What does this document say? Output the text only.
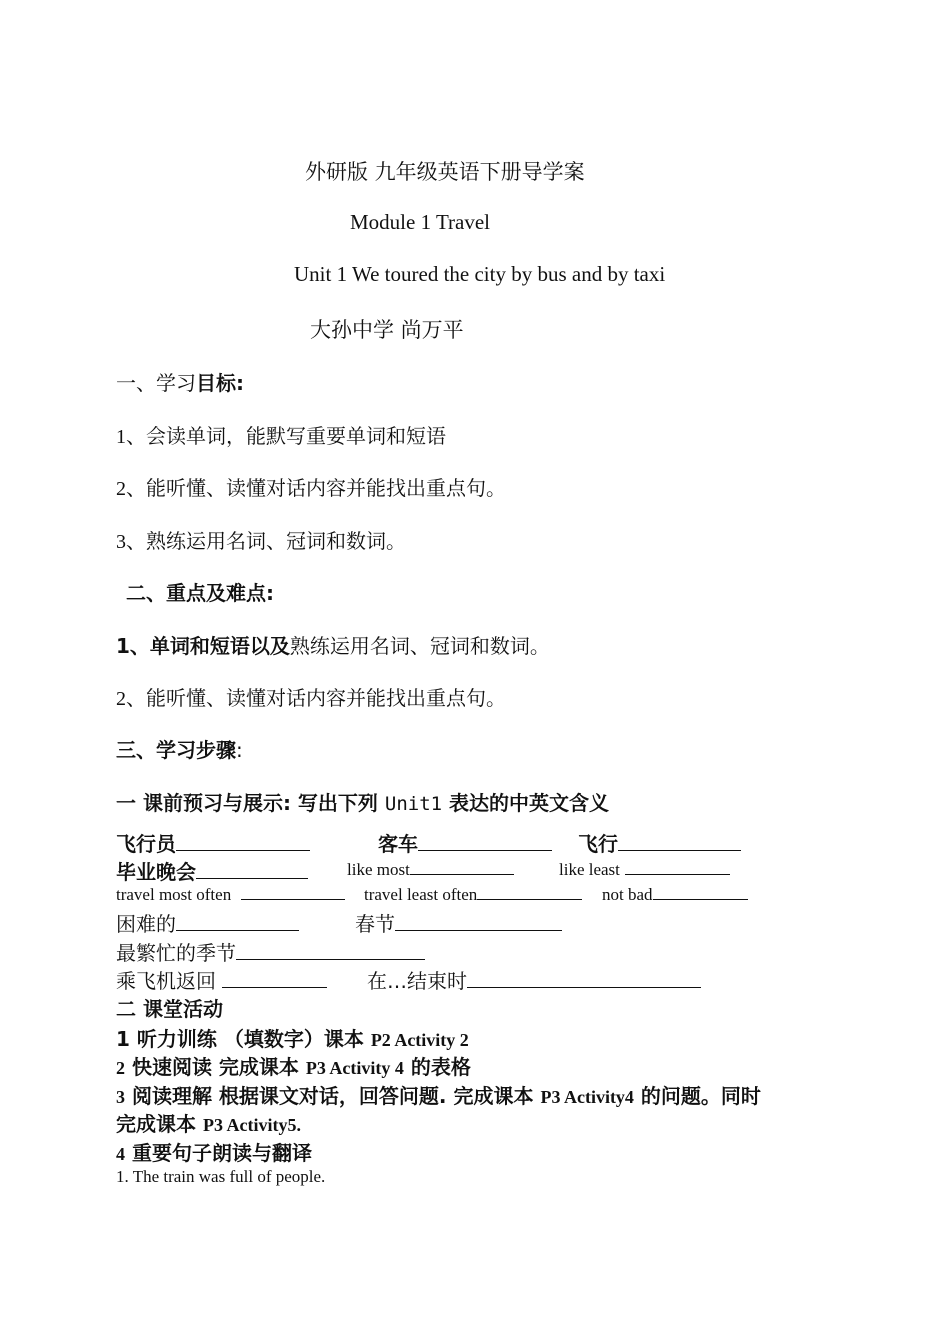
外研版 九年级英语下册导学案
Module 1 Travel
Unit 1 We toured the city by bus and by taxi
大孙中学 尚万平
一、学习目标:
1、会读单词，能默写重要单词和短语
2、能听懂、读懂对话内容并能找出重点句。
3、熟练运用名词、冠词和数词。
二、重点及难点:
1、单词和短语以及熟练运用名词、冠词和数词。
2、能听懂、读懂对话内容并能找出重点句。
三、学习步骤:
一 课前预习与展示: 写出下列 Unit1 表达的中英文含义
飞行员	客车	飞行
毕业晚会	like most	like least
travel most often	travel least often	not bad
困难的	春节
最繁忙的季节
乘飞机返回	在…结束时
二 课堂活动
1 听力训练 （填数字）课本 P2 Activity 2
2 快速阅读 完成课本 P3 Activity 4 的表格
3 阅读理解 根据课文对话，回答问题. 完成课本 P3 Activity4 的问题。同时
完成课本 P3 Activity5.
4 重要句子朗读与翻译
1. The train was full of people.
